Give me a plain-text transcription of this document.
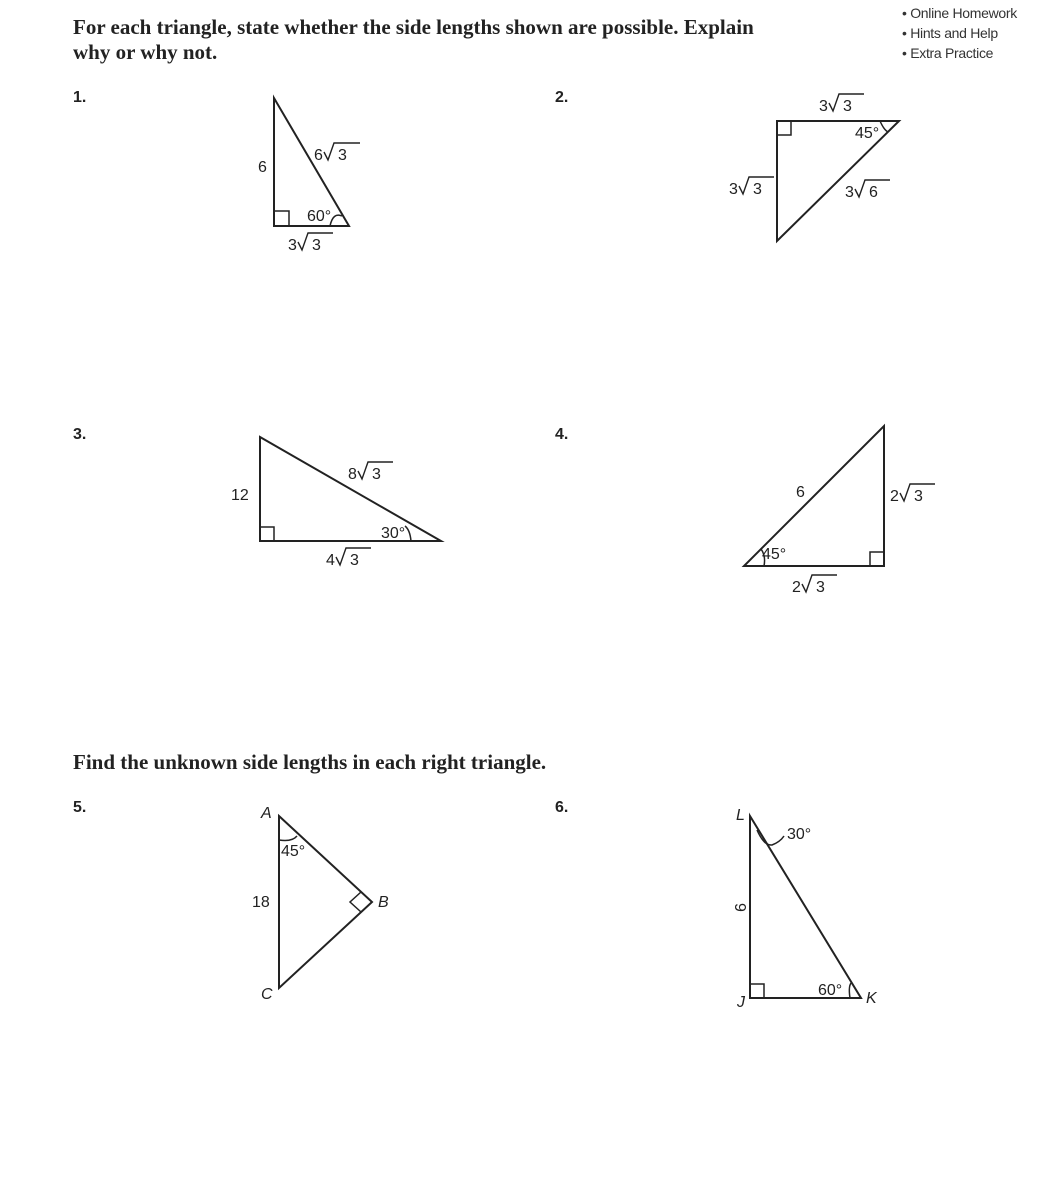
For each triangle, state whether the side lengths shown are possible. Explain why or why not.
• Online Homework
• Hints and Help
• Extra Practice
1.	2.
3.	4.
Find the unknown side lengths in each right triangle.
5.	6.
6
6 3
60°
3 3
3 3
45°
3 3	3 6
12
8 3
30°
4 3
6	2 3
45°
2 3
A
B
C
18
45°
L
J	K
9
30°
60°
